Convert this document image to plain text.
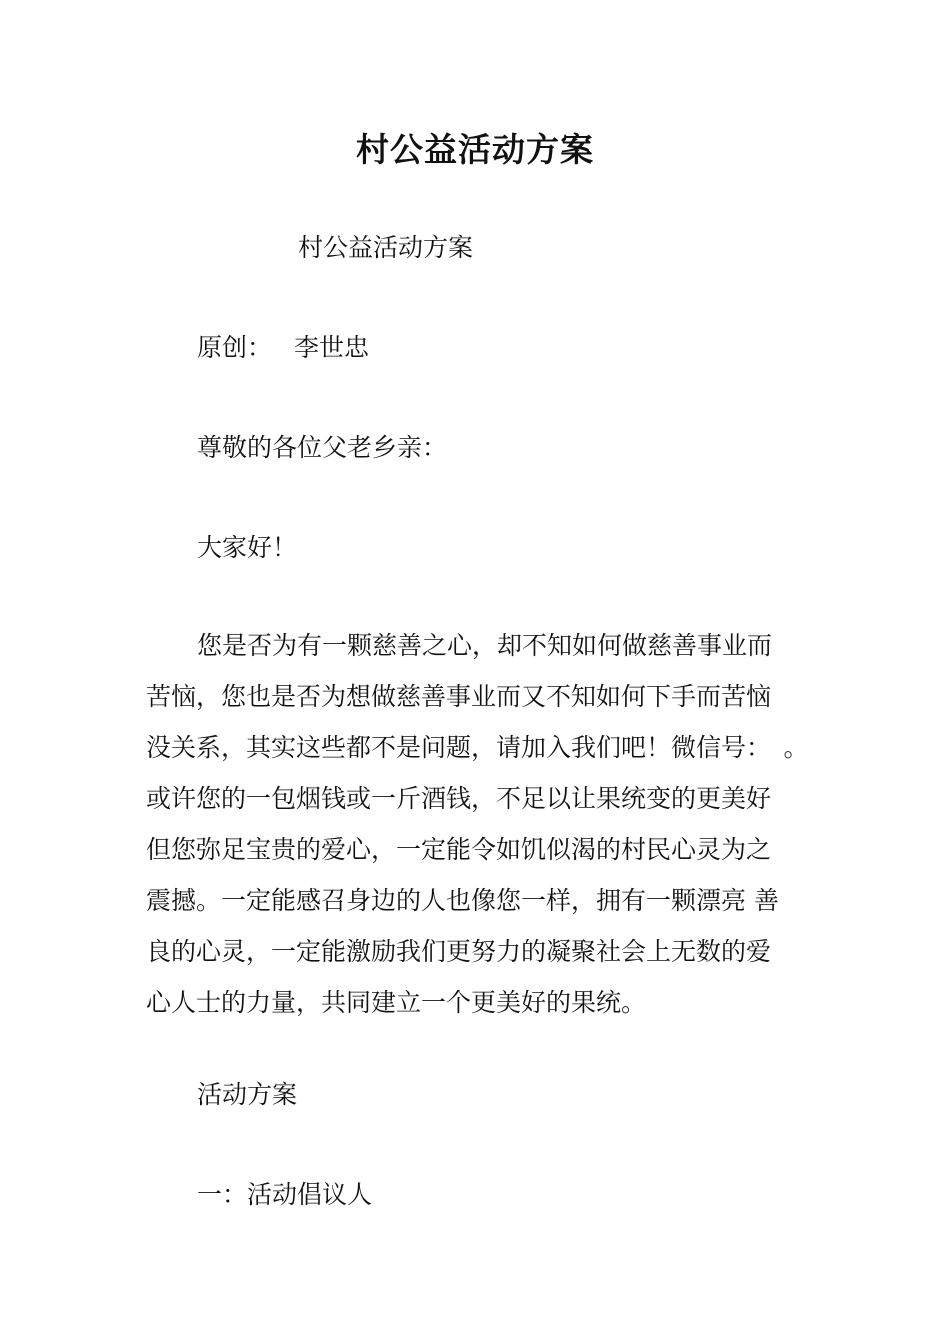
村公益活动方案

村公益活动方案

原创： 李世忠

尊敬的各位父老乡亲：

大家好！

您是否为有一颗慈善之心，却不知如何做慈善事业而
苦恼，您也是否为想做慈善事业而又不知如何下手而苦恼
没关系，其实这些都不是问题，请加入我们吧！微信号：　。
或许您的一包烟钱或一斤酒钱，不足以让果统变的更美好
但您弥足宝贵的爱心，一定能令如饥似渴的村民心灵为之
震撼。一定能感召身边的人也像您一样，拥有一颗漂亮 善
良的心灵，一定能激励我们更努力的凝聚社会上无数的爱
心人士的力量，共同建立一个更美好的果统。

活动方案

一：活动倡议人
